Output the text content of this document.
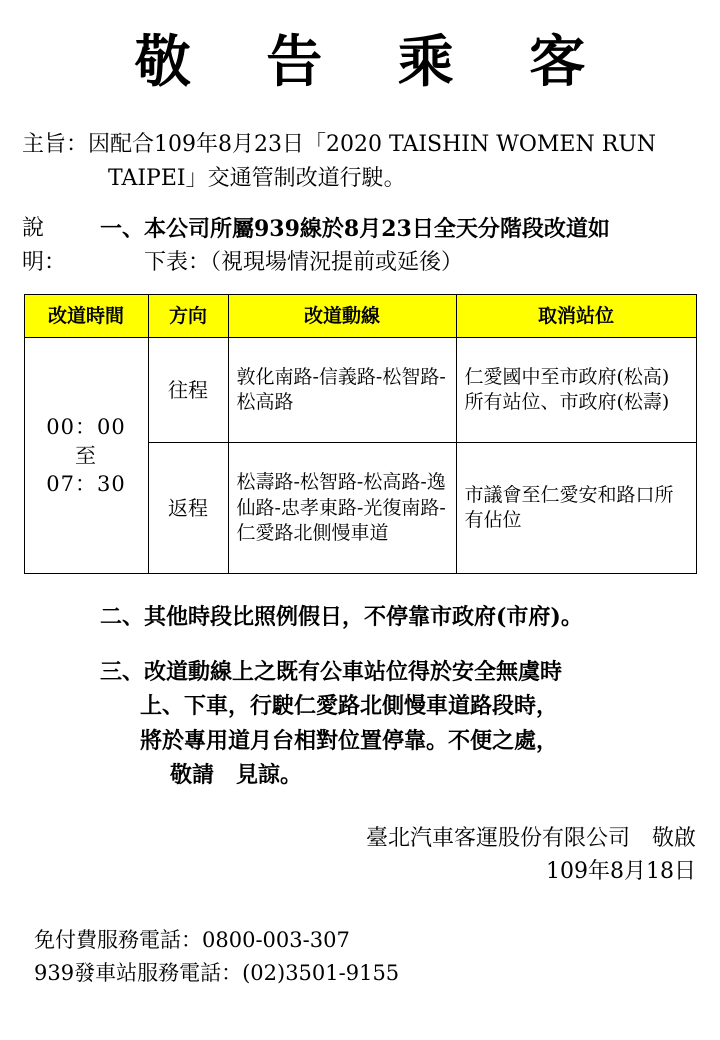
敬 告 乘 客
主旨：因配合109年8月23日「2020 TAISHIN WOMEN RUN
TAIPEI」交通管制改道行駛。
說
明：
一、本公司所屬939線於8月23日全天分階段改道如
下表：（視現場情況提前或延後）
改道時間	方向	改道動線	取消站位

00：00
至
07：30	往程	敦化南路-信義路-松智路-松高路	仁愛國中至市政府(松高)所有站位、市政府(松壽)
	返程	松壽路-松智路-松高路-逸仙路-忠孝東路-光復南路-仁愛路北側慢車道	市議會至仁愛安和路口所有佔位
二、其他時段比照例假日，不停靠市政府(市府)。
三、改道動線上之既有公車站位得於安全無虞時
上、下車，行駛仁愛路北側慢車道路段時，
將於專用道月台相對位置停靠。不便之處，
敬請　見諒。
臺北汽車客運股份有限公司　敬啟
109年8月18日
免付費服務電話：0800-003-307
939發車站服務電話：(02)3501-9155
